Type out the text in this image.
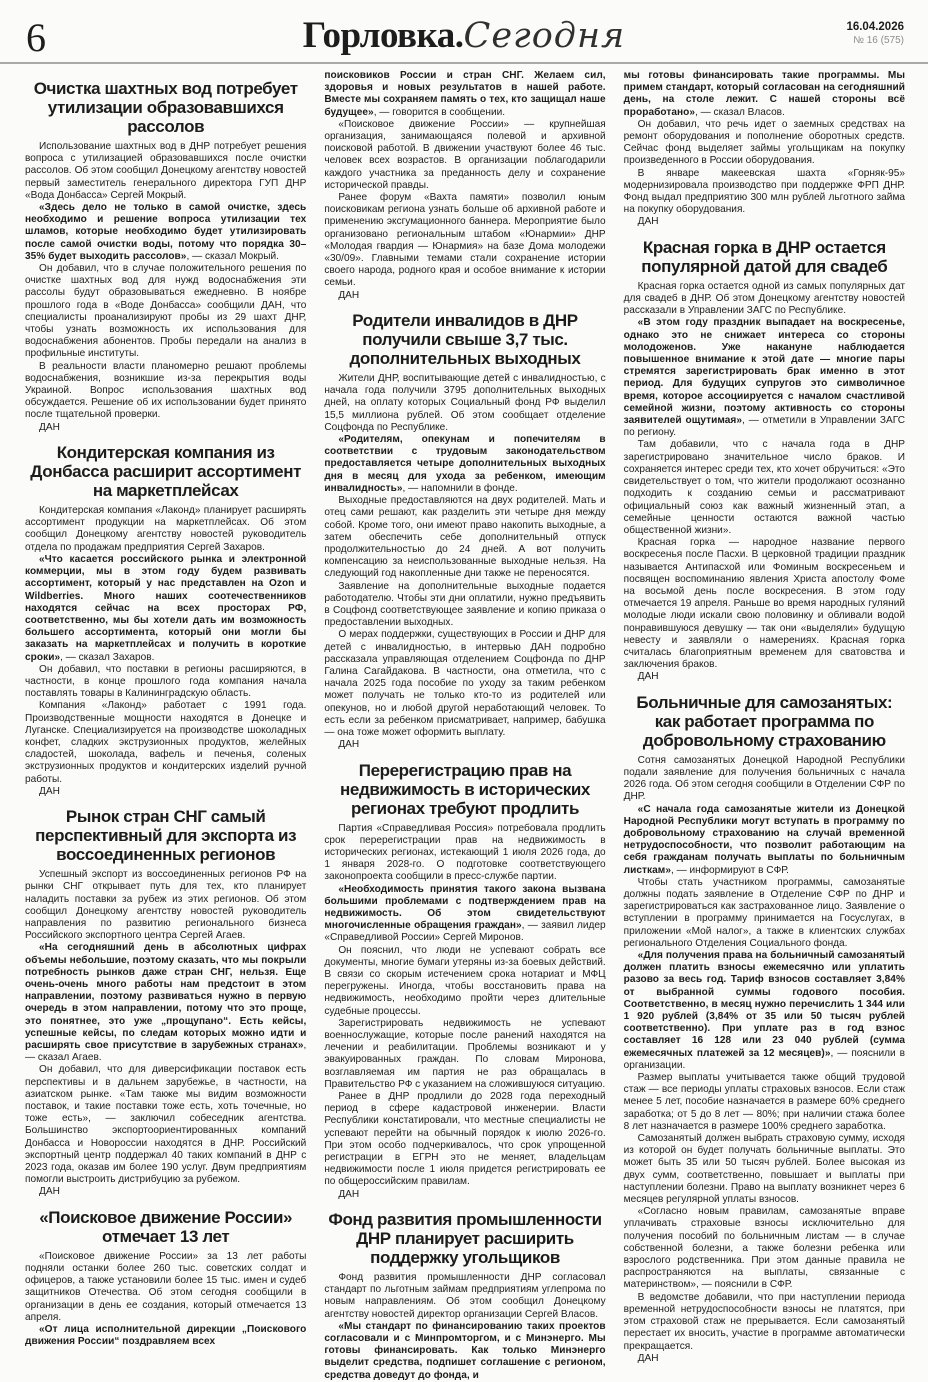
6	Горловка.Сегодня	16.04.2026
№ 16 (575)
Очистка шахтных вод потребует утилизации образовавшихся рассолов

Использование шахтных вод в ДНР потребует решения вопроса с утилизацией образовавшихся после очистки рассолов. Об этом сообщил Донецкому агентству новостей первый заместитель генерального директора ГУП ДНР «Вода Донбасса» Сергей Мокрый.

«Здесь дело не только в самой очистке, здесь необходимо и решение вопроса утилизации тех шламов, которые необходимо будет утилизировать после самой очистки воды, потому что порядка 30–35% будет выходить рассолов», — сказал Мокрый.

Он добавил, что в случае положительного решения по очистке шахтных вод для нужд водоснабжения эти рассолы будут образовываться ежедневно. В ноябре прошлого года в «Воде Донбасса» сообщили ДАН, что специалисты проанализируют пробы из 29 шахт ДНР, чтобы узнать возможность их использования для водоснабжения абонентов. Пробы передали на анализ в профильные институты.

В реальности власти планомерно решают проблемы водоснабжения, возникшие из-за перекрытия воды Украиной. Вопрос использования шахтных вод обсуждается. Решение об их использовании будет принято после тщательной проверки.

ДАН

Кондитерская компания из Донбасса расширит ассортимент на маркетплейсах

Кондитерская компания «Лаконд» планирует расширять ассортимент продукции на маркетплейсах. Об этом сообщил Донецкому агентству новостей руководитель отдела по продажам предприятия Сергей Захаров.

«Что касается российского рынка и электронной коммерции, мы в этом году будем развивать ассортимент, который у нас представлен на Ozon и Wildberries. Много наших соотечественников находятся сейчас на всех просторах РФ, соответственно, мы бы хотели дать им возможность большего ассортимента, который они могли бы заказать на маркетплейсах и получить в короткие сроки», — сказал Захаров.

Он добавил, что поставки в регионы расширяются, в частности, в конце прошлого года компания начала поставлять товары в Калининградскую область.

Компания «Лаконд» работает с 1991 года. Производственные мощности находятся в Донецке и Луганске. Специализируется на производстве шоколадных конфет, сладких экструзионных продуктов, желейных сладостей, шоколада, вафель и печенья, соленых экструзионных продуктов и кондитерских изделий ручной работы.

ДАН

Рынок стран СНГ самый перспективный для экспорта из воссоединенных регионов

Успешный экспорт из воссоединенных регионов РФ на рынки СНГ открывает путь для тех, кто планирует наладить поставки за рубеж из этих регионов. Об этом сообщил Донецкому агентству новостей руководитель направления по развитию регионального бизнеса Российского экспортного центра Сергей Агаев.

«На сегодняшний день в абсолютных цифрах объемы небольшие, поэтому сказать, что мы покрыли потребность рынков даже стран СНГ, нельзя. Еще очень-очень много работы нам предстоит в этом направлении, поэтому развиваться нужно в первую очередь в этом направлении, потому что это проще, это понятнее, это уже „прощупано“. Есть кейсы, успешные кейсы, по следам которых можно идти и расширять свое присутствие в зарубежных странах», — сказал Агаев.

Он добавил, что для диверсификации поставок есть перспективы и в дальнем зарубежье, в частности, на азиатском рынке. «Там также мы видим возможности поставок, и такие поставки тоже есть, хоть точечные, но тоже есть», — заключил собеседник агентства. Большинство экспортоориентированных компаний Донбасса и Новороссии находятся в ДНР. Российский экспортный центр поддержал 40 таких компаний в ДНР с 2023 года, оказав им более 190 услуг. Двум предприятиям помогли выстроить дистрибуцию за рубежом.

ДАН

«Поисковое движение России» отмечает 13 лет

«Поисковое движение России» за 13 лет работы подняли останки более 260 тыс. советских солдат и офицеров, а также установили более 15 тыс. имен и судеб защитников Отечества. Об этом сегодня сообщили в организации в день ее создания, который отмечается 13 апреля.

«От лица исполнительной дирекции „Поискового движения России“ поздравляем всех

поисковиков России и стран СНГ. Желаем сил, здоровья и новых результатов в нашей работе. Вместе мы сохраняем память о тех, кто защищал наше будущее», — говорится в сообщении.

«Поисковое движение России» — крупнейшая организация, занимающаяся полевой и архивной поисковой работой. В движении участвуют более 46 тыс. человек всех возрастов. В организации поблагодарили каждого участника за преданность делу и сохранение исторической правды.

Ранее форум «Вахта памяти» позволил юным поисковикам региона узнать больше об архивной работе и применению эксгумационного баннера. Мероприятие было организовано региональным штабом «Юнармии» ДНР «Молодая гвардия — Юнармия» на базе Дома молодежи «30/09». Главными темами стали сохранение истории своего народа, родного края и особое внимание к истории семьи.

ДАН

Родители инвалидов в ДНР получили свыше 3,7 тыс. дополнительных выходных

Жители ДНР, воспитывающие детей с инвалидностью, с начала года получили 3795 дополнительных выходных дней, на оплату которых Социальный фонд РФ выделил 15,5 миллиона рублей. Об этом сообщает отделение Соцфонда по Республике.

«Родителям, опекунам и попечителям в соответствии с трудовым законодательством предоставляется четыре дополнительных выходных дня в месяц для ухода за ребенком, имеющим инвалидность», — напомнили в фонде.

Выходные предоставляются на двух родителей. Мать и отец сами решают, как разделить эти четыре дня между собой. Кроме того, они имеют право накопить выходные, а затем обеспечить себе дополнительный отпуск продолжительностью до 24 дней. А вот получить компенсацию за неиспользованные выходные нельзя. На следующий год накопленные дни также не переносятся.

Заявление на дополнительные выходные подается работодателю. Чтобы эти дни оплатили, нужно предъявить в Соцфонд соответствующее заявление и копию приказа о предоставлении выходных.

О мерах поддержки, существующих в России и ДНР для детей с инвалидностью, в интервью ДАН подробно рассказала управляющая отделением Соцфонда по ДНР Галина Сагайдакова. В частности, она отметила, что с начала 2025 года пособие по уходу за таким ребенком может получать не только кто-то из родителей или опекунов, но и любой другой неработающий человек. То есть если за ребенком присматривает, например, бабушка — она тоже может оформить выплату.

ДАН

Перерегистрацию прав на недвижимость в исторических регионах требуют продлить

Партия «Справедливая Россия» потребовала продлить срок перерегистрации прав на недвижимость в исторических регионах, истекающий 1 июля 2026 года, до 1 января 2028-го. О подготовке соответствующего законопроекта сообщили в пресс-службе партии.

«Необходимость принятия такого закона вызвана большими проблемами с подтверждением прав на недвижимость. Об этом свидетельствуют многочисленные обращения граждан», — заявил лидер «Справедливой России» Сергей Миронов.

Он пояснил, что люди не успевают собрать все документы, многие бумаги утеряны из-за боевых действий. В связи со скорым истечением срока нотариат и МФЦ перегружены. Иногда, чтобы восстановить права на недвижимость, необходимо пройти через длительные судебные процессы.

Зарегистрировать недвижимость не успевают военнослужащие, которые после ранений находятся на лечении и реабилитации. Проблемы возникают и у эвакуированных граждан. По словам Миронова, возглавляемая им партия не раз обращалась в Правительство РФ с указанием на сложившуюся ситуацию.

Ранее в ДНР продлили до 2028 года переходный период в сфере кадастровой инженерии. Власти Республики констатировали, что местные специалисты не успевают перейти на обычный порядок к июлю 2026-го. При этом особо подчеркивалось, что срок упрощенной регистрации в ЕГРН это не меняет, владельцам недвижимости после 1 июля придется регистрировать ее по общероссийским правилам.

ДАН

Фонд развития промышленности ДНР планирует расширить поддержку угольщиков

Фонд развития промышленности ДНР согласовал стандарт по льготным займам предприятиям углепрома по новым направлениям. Об этом сообщил Донецкому агентству новостей директор организации Сергей Власов.

«Мы стандарт по финансированию таких проектов согласовали и с Минпромторгом, и с Минэнерго. Мы готовы финансировать. Как только Минэнерго выделит средства, подпишет соглашение с регионом, средства доведут до фонда, и

мы готовы финансировать такие программы. Мы примем стандарт, который согласован на сегодняшний день, на столе лежит. С нашей стороны всё проработано», — сказал Власов.

Он добавил, что речь идет о заемных средствах на ремонт оборудования и пополнение оборотных средств. Сейчас фонд выделяет займы угольщикам на покупку произведенного в России оборудования.

В январе макеевская шахта «Горняк-95» модернизировала производство при поддержке ФРП ДНР. Фонд выдал предприятию 300 млн рублей льготного займа на покупку оборудования.

ДАН

Красная горка в ДНР остается популярной датой для свадеб

Красная горка остается одной из самых популярных дат для свадеб в ДНР. Об этом Донецкому агентству новостей рассказали в Управлении ЗАГС по Республике.

«В этом году праздник выпадает на воскресенье, однако это не снижает интереса со стороны молодоженов. Уже накануне наблюдается повышенное внимание к этой дате — многие пары стремятся зарегистрировать брак именно в этот период. Для будущих супругов это символичное время, которое ассоциируется с началом счастливой семейной жизни, поэтому активность со стороны заявителей ощутимая», — отметили в Управлении ЗАГС по региону.

Там добавили, что с начала года в ДНР зарегистрировано значительное число браков. И сохраняется интерес среди тех, кто хочет обручиться: «Это свидетельствует о том, что жители продолжают осознанно подходить к созданию семьи и рассматривают официальный союз как важный жизненный этап, а семейные ценности остаются важной частью общественной жизни».

Красная горка — народное название первого воскресенья после Пасхи. В церковной традиции праздник называется Антипасхой или Фоминым воскресеньем и посвящен воспоминанию явления Христа апостолу Фоме на восьмой день после воскресения. В этом году отмечается 19 апреля. Раньше во время народных гуляний молодые люди искали свою половинку и обливали водой понравившуюся девушку — так они «выделяли» будущую невесту и заявляли о намерениях. Красная горка считалась благоприятным временем для сватовства и заключения браков.

ДАН

Больничные для самозанятых: как работает программа по добровольному страхованию

Сотня самозанятых Донецкой Народной Республики подали заявление для получения больничных с начала 2026 года. Об этом сегодня сообщили в Отделении СФР по ДНР.

«С начала года самозанятые жители из Донецкой Народной Республики могут вступать в программу по добровольному страхованию на случай временной нетрудоспособности, что позволит работающим на себя гражданам получать выплаты по больничным листкам», — информируют в СФР.

Чтобы стать участником программы, самозанятые должны подать заявление в Отделение СФР по ДНР и зарегистрироваться как застрахованное лицо. Заявление о вступлении в программу принимается на Госуслугах, в приложении «Мой налог», а также в клиентских службах регионального Отделения Социального фонда.

«Для получения права на больничный самозанятый должен платить взносы ежемесячно или уплатить разово за весь год. Тариф взносов составляет 3,84% от выбранной суммы годового пособия. Соответственно, в месяц нужно перечислить 1 344 или 1 920 рублей (3,84% от 35 или 50 тысяч рублей соответственно). При уплате раз в год взнос составляет 16 128 или 23 040 рублей (сумма ежемесячных платежей за 12 месяцев)», — пояснили в организации.

Размер выплаты учитывается также общий трудовой стаж — все периоды уплаты страховых взносов. Если стаж менее 5 лет, пособие назначается в размере 60% среднего заработка; от 5 до 8 лет — 80%; при наличии стажа более 8 лет назначается в размере 100% среднего заработка.

Самозанятый должен выбрать страховую сумму, исходя из которой он будет получать больничные выплаты. Это может быть 35 или 50 тысяч рублей. Более высокая из двух сумм, соответственно, повышает и выплаты при наступлении болезни. Право на выплату возникнет через 6 месяцев регулярной уплаты взносов.

«Согласно новым правилам, самозанятые вправе уплачивать страховые взносы исключительно для получения пособий по больничным листам — в случае собственной болезни, а также болезни ребенка или взрослого родственника. При этом данные правила не распространяются на выплаты, связанные с материнством», — пояснили в СФР.

В ведомстве добавили, что при наступлении периода временной нетрудоспособности взносы не платятся, при этом страховой стаж не прерывается. Если самозанятый перестает их вносить, участие в программе автоматически прекращается.

ДАН
